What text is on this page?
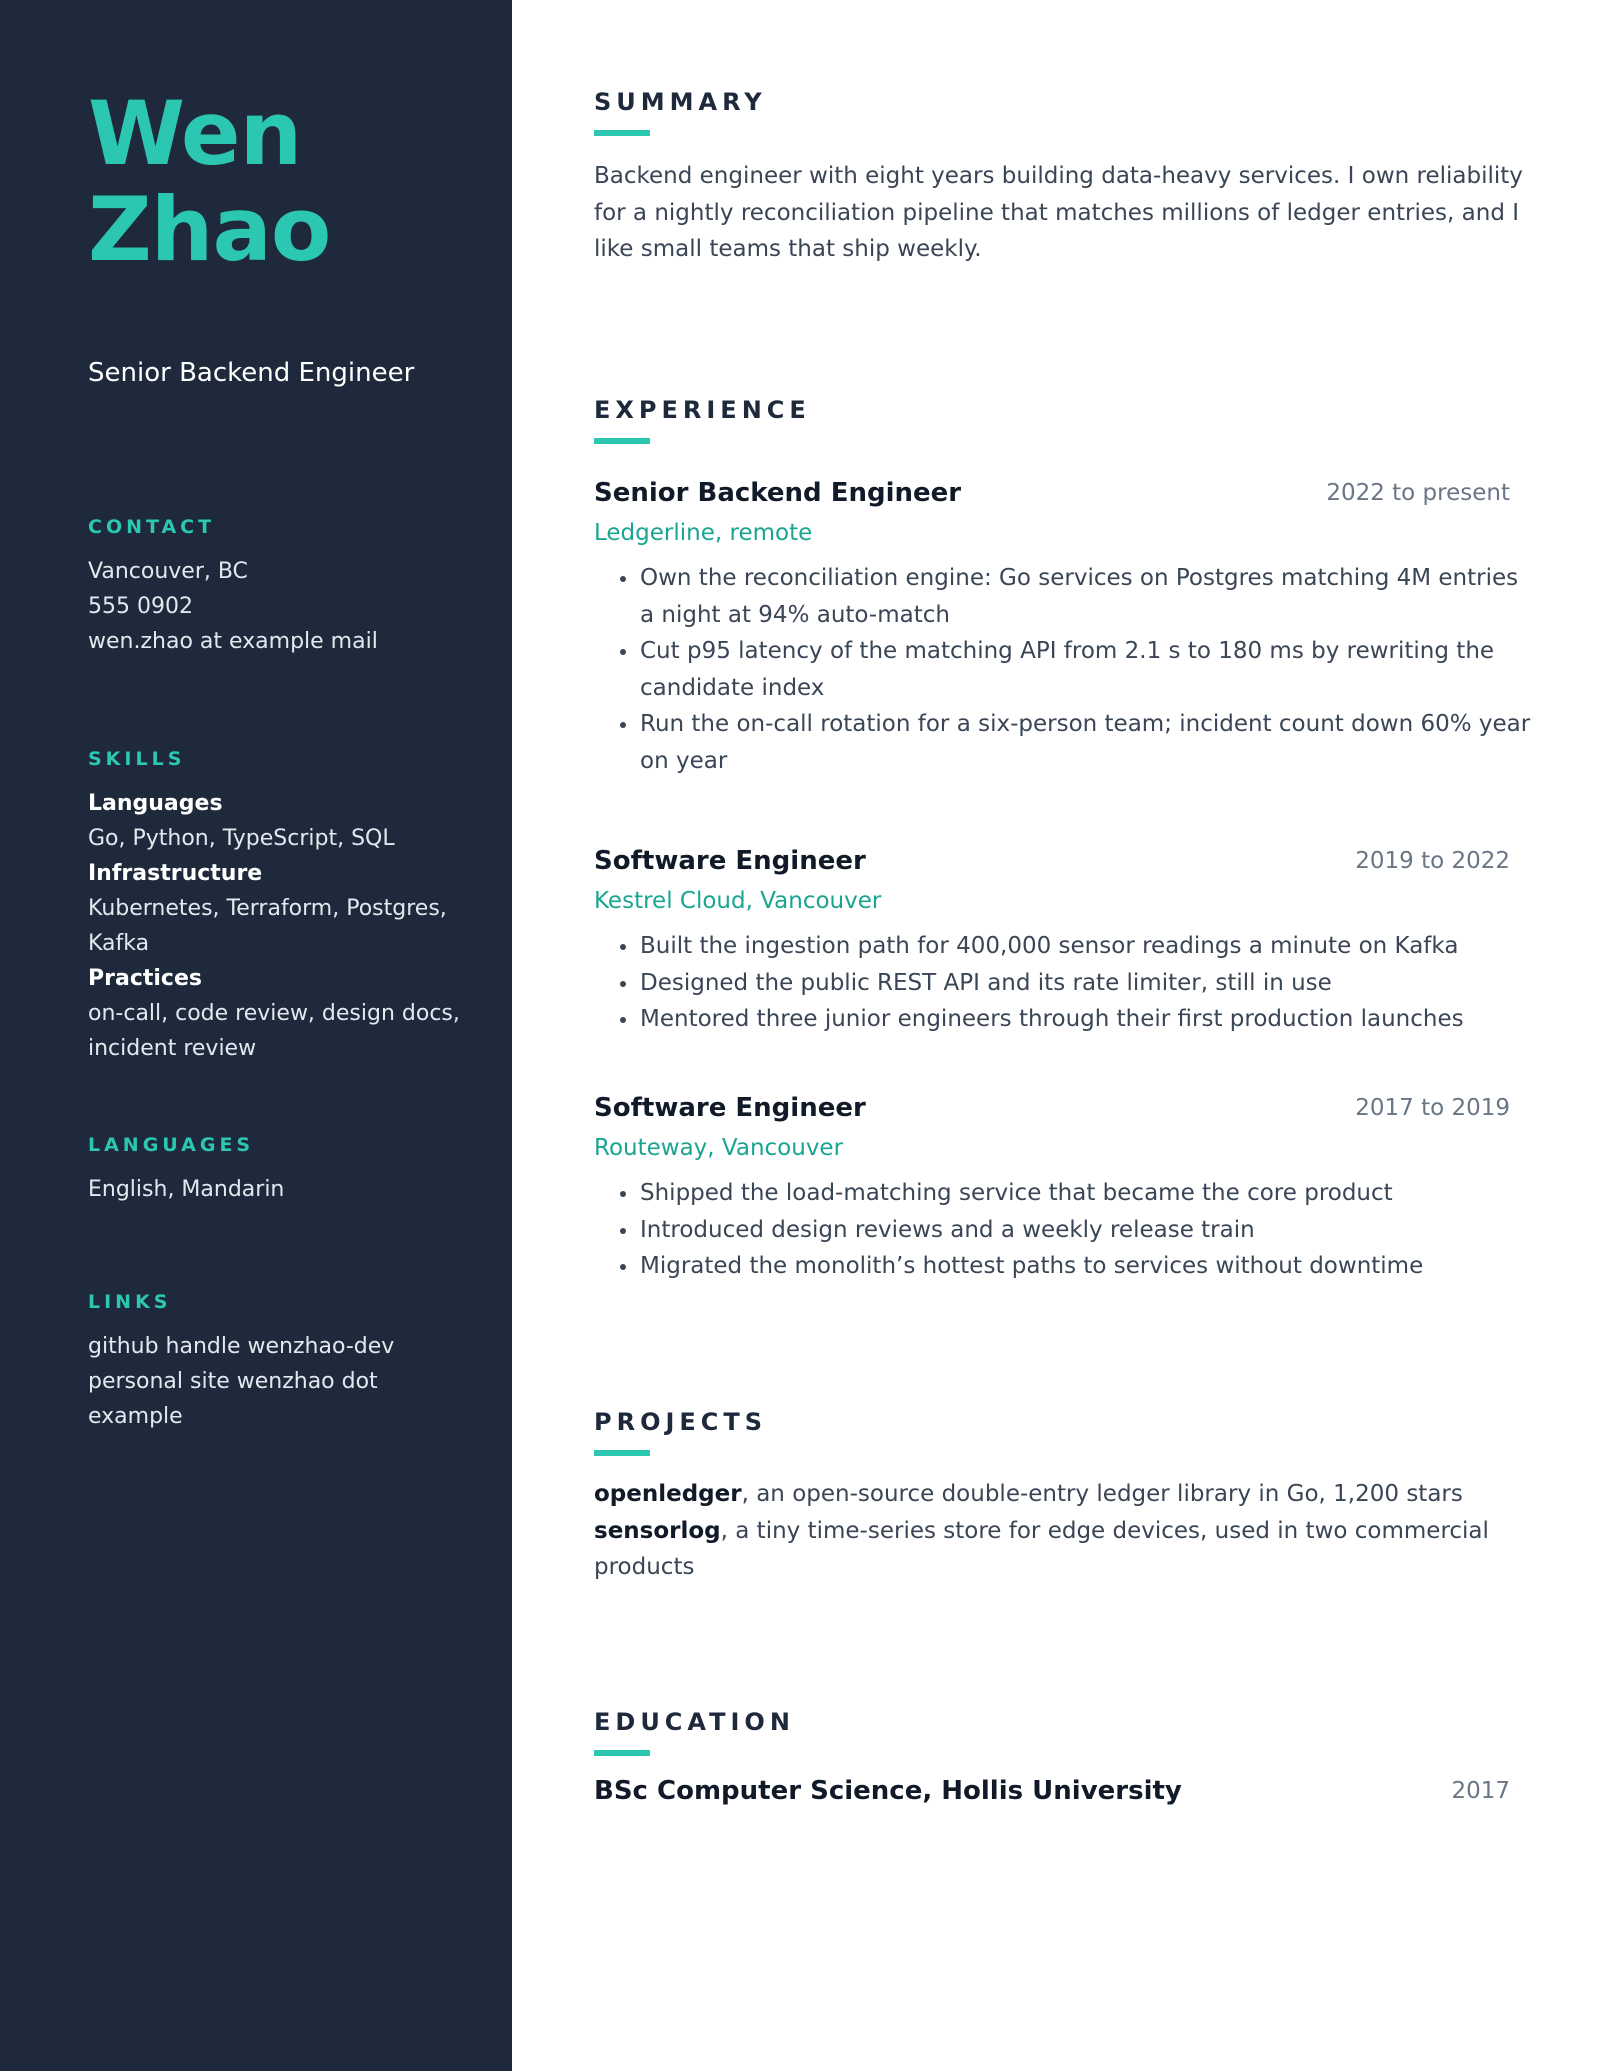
Wen
Zhao
Senior Backend Engineer
CONTACT
Vancouver, BC
555 0902
wen.zhao at example mail
SKILLS
Languages
Go, Python, TypeScript, SQL
Infrastructure
Kubernetes, Terraform, Postgres,
Kafka
Practices
on-call, code review, design docs,
incident review
LANGUAGES
English, Mandarin
LINKS
github handle wenzhao-dev
personal site wenzhao dot
example
SUMMARY
Backend engineer with eight years building data-heavy services. I own reliability for a nightly reconciliation pipeline that matches millions of ledger entries, and I like small teams that ship weekly.
EXPERIENCE
Senior Backend Engineer	2022 to present
Ledgerline, remote
Own the reconciliation engine: Go services on Postgres matching 4M entries a night at 94% auto-match
Cut p95 latency of the matching API from 2.1 s to 180 ms by rewriting the candidate index
Run the on-call rotation for a six-person team; incident count down 60% year on year
Software Engineer	2019 to 2022
Kestrel Cloud, Vancouver
Built the ingestion path for 400,000 sensor readings a minute on Kafka
Designed the public REST API and its rate limiter, still in use
Mentored three junior engineers through their first production launches
Software Engineer	2017 to 2019
Routeway, Vancouver
Shipped the load-matching service that became the core product
Introduced design reviews and a weekly release train
Migrated the monolith’s hottest paths to services without downtime
PROJECTS
openledger, an open-source double-entry ledger library in Go, 1,200 stars
sensorlog, a tiny time-series store for edge devices, used in two commercial products
EDUCATION
BSc Computer Science, Hollis University	2017
